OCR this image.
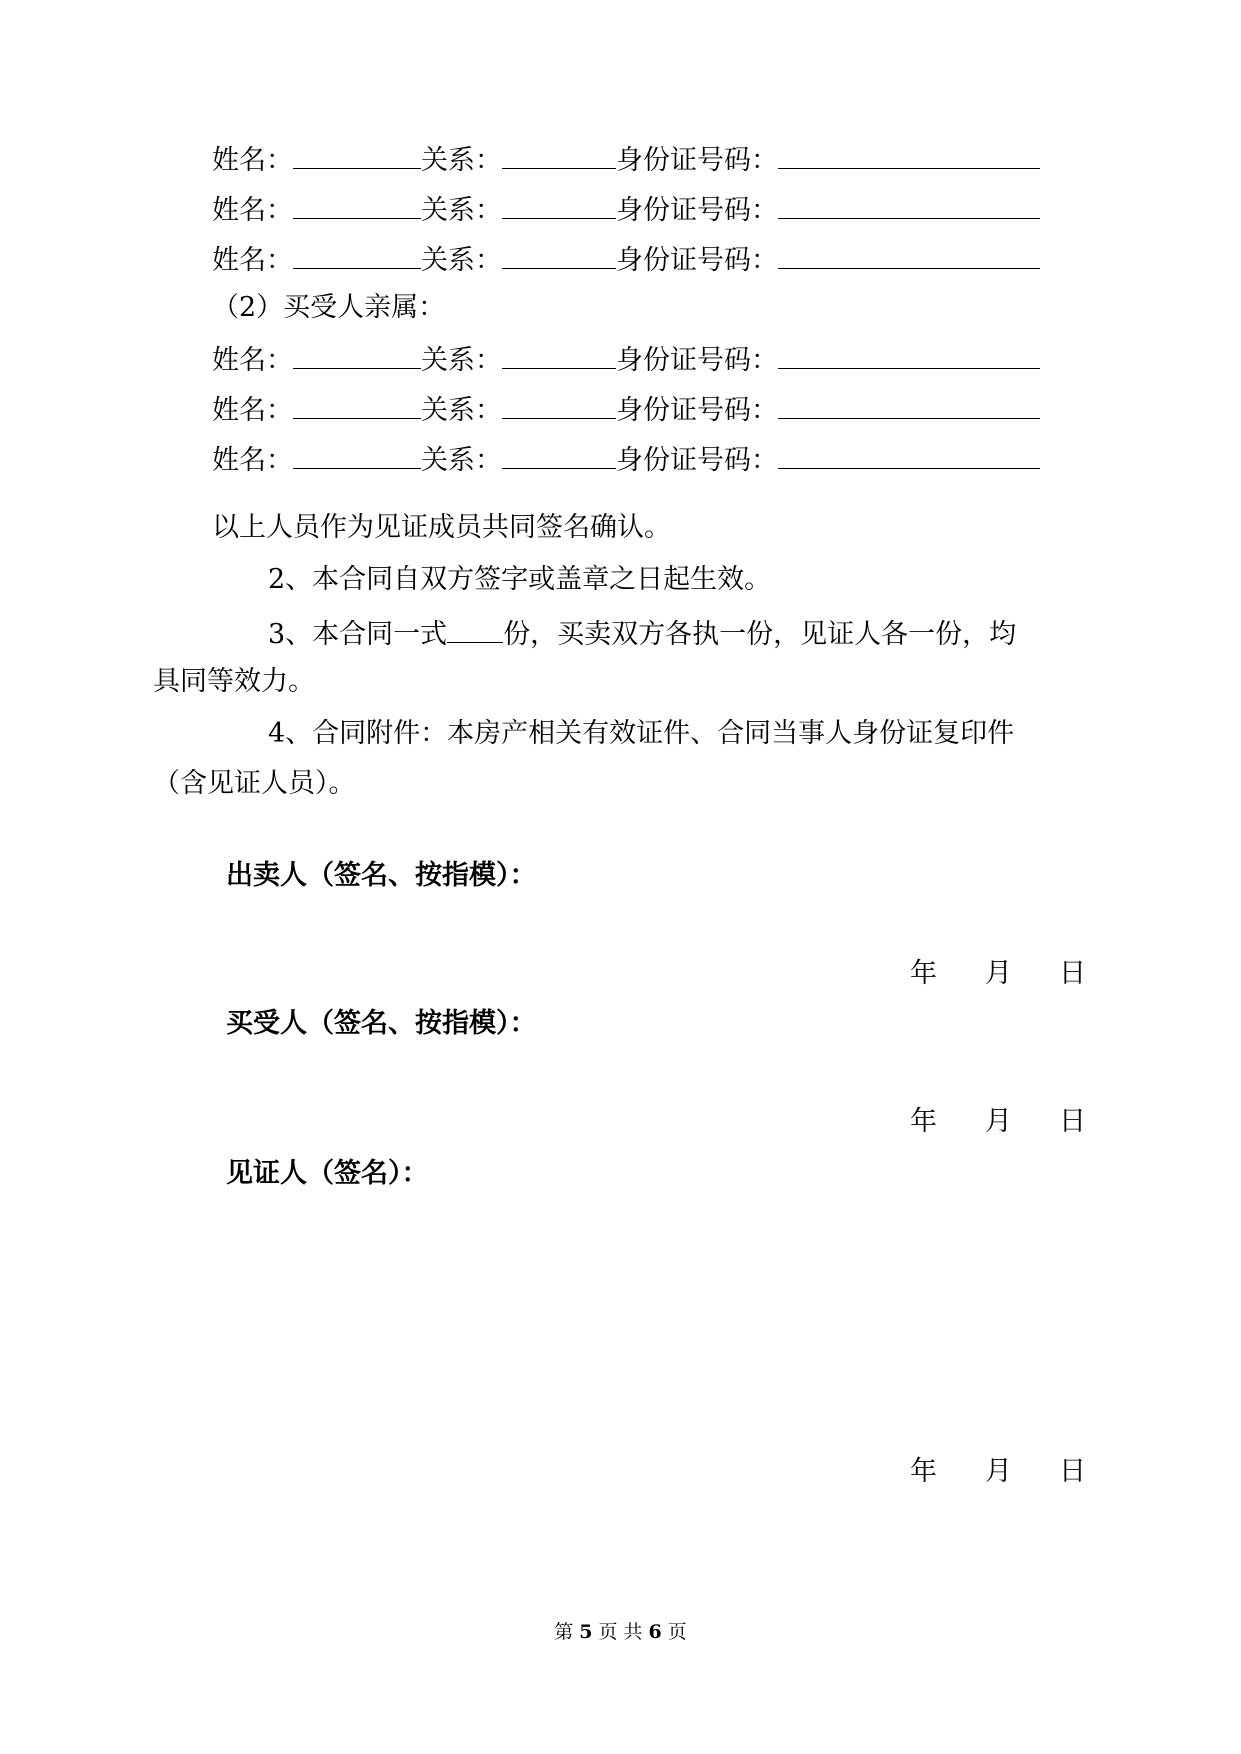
姓名：	关系：	身份证号码：
姓名：	关系：	身份证号码：
姓名：	关系：	身份证号码：
（2）买受人亲属：
姓名：	关系：	身份证号码：
姓名：	关系：	身份证号码：
姓名：	关系：	身份证号码：
以上人员作为见证成员共同签名确认。
2、本合同自双方签字或盖章之日起生效。
3、本合同一式 份，买卖双方各执一份，见证人各一份，均
具同等效力。
4、合同附件：本房产相关有效证件、合同当事人身份证复印件
（含见证人员）。
出卖人（签名、按指模）：
年 月 日
买受人（签名、按指模）：
年 月 日
见证人（签名）：
年 月 日
第 5 页 共 6 页
